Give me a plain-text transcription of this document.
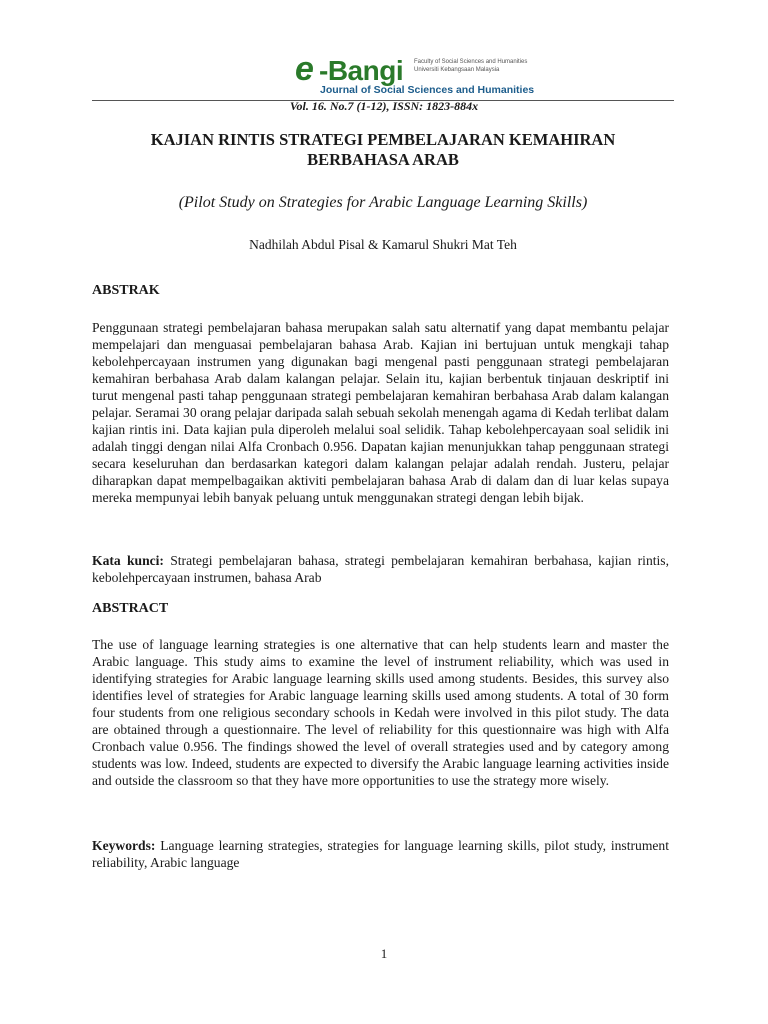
e -Bangi Faculty of Social Sciences and Humanities Universiti Kebangsaan Malaysia
Journal of Social Sciences and Humanities
Vol. 16. No.7 (1-12), ISSN: 1823-884x
KAJIAN RINTIS STRATEGI PEMBELAJARAN KEMAHIRAN
BERBAHASA ARAB
(Pilot Study on Strategies for Arabic Language Learning Skills)
Nadhilah Abdul Pisal & Kamarul Shukri Mat Teh
ABSTRAK

Penggunaan strategi pembelajaran bahasa merupakan salah satu alternatif yang dapat membantu pelajar mempelajari dan menguasai pembelajaran bahasa Arab. Kajian ini bertujuan untuk mengkaji tahap kebolehpercayaan instrumen yang digunakan bagi mengenal pasti penggunaan strategi pembelajaran kemahiran berbahasa Arab dalam kalangan pelajar. Selain itu, kajian berbentuk tinjauan deskriptif ini turut mengenal pasti tahap penggunaan strategi pembelajaran kemahiran berbahasa Arab dalam kalangan pelajar. Seramai 30 orang pelajar daripada salah sebuah sekolah menengah agama di Kedah terlibat dalam kajian rintis ini. Data kajian pula diperoleh melalui soal selidik. Tahap kebolehpercayaan soal selidik ini adalah tinggi dengan nilai Alfa Cronbach 0.956. Dapatan kajian menunjukkan tahap penggunaan strategi secara keseluruhan dan berdasarkan kategori dalam kalangan pelajar adalah rendah. Justeru, pelajar diharapkan dapat mempelbagaikan aktiviti pembelajaran bahasa Arab di dalam dan di luar kelas supaya mereka mempunyai lebih banyak peluang untuk menggunakan strategi dengan lebih bijak.

Kata kunci: Strategi pembelajaran bahasa, strategi pembelajaran kemahiran berbahasa, kajian rintis, kebolehpercayaan instrumen, bahasa Arab

ABSTRACT

The use of language learning strategies is one alternative that can help students learn and master the Arabic language. This study aims to examine the level of instrument reliability, which was used in identifying strategies for Arabic language learning skills used among students. Besides, this survey also identifies level of strategies for Arabic language learning skills used among students. A total of 30 form four students from one religious secondary schools in Kedah were involved in this pilot study. The data are obtained through a questionnaire. The level of reliability for this questionnaire was high with Alfa Cronbach value 0.956. The findings showed the level of overall strategies used and by category among students was low. Indeed, students are expected to diversify the Arabic language learning activities inside and outside the classroom so that they have more opportunities to use the strategy more wisely.

Keywords: Language learning strategies, strategies for language learning skills, pilot study, instrument reliability, Arabic language

1
